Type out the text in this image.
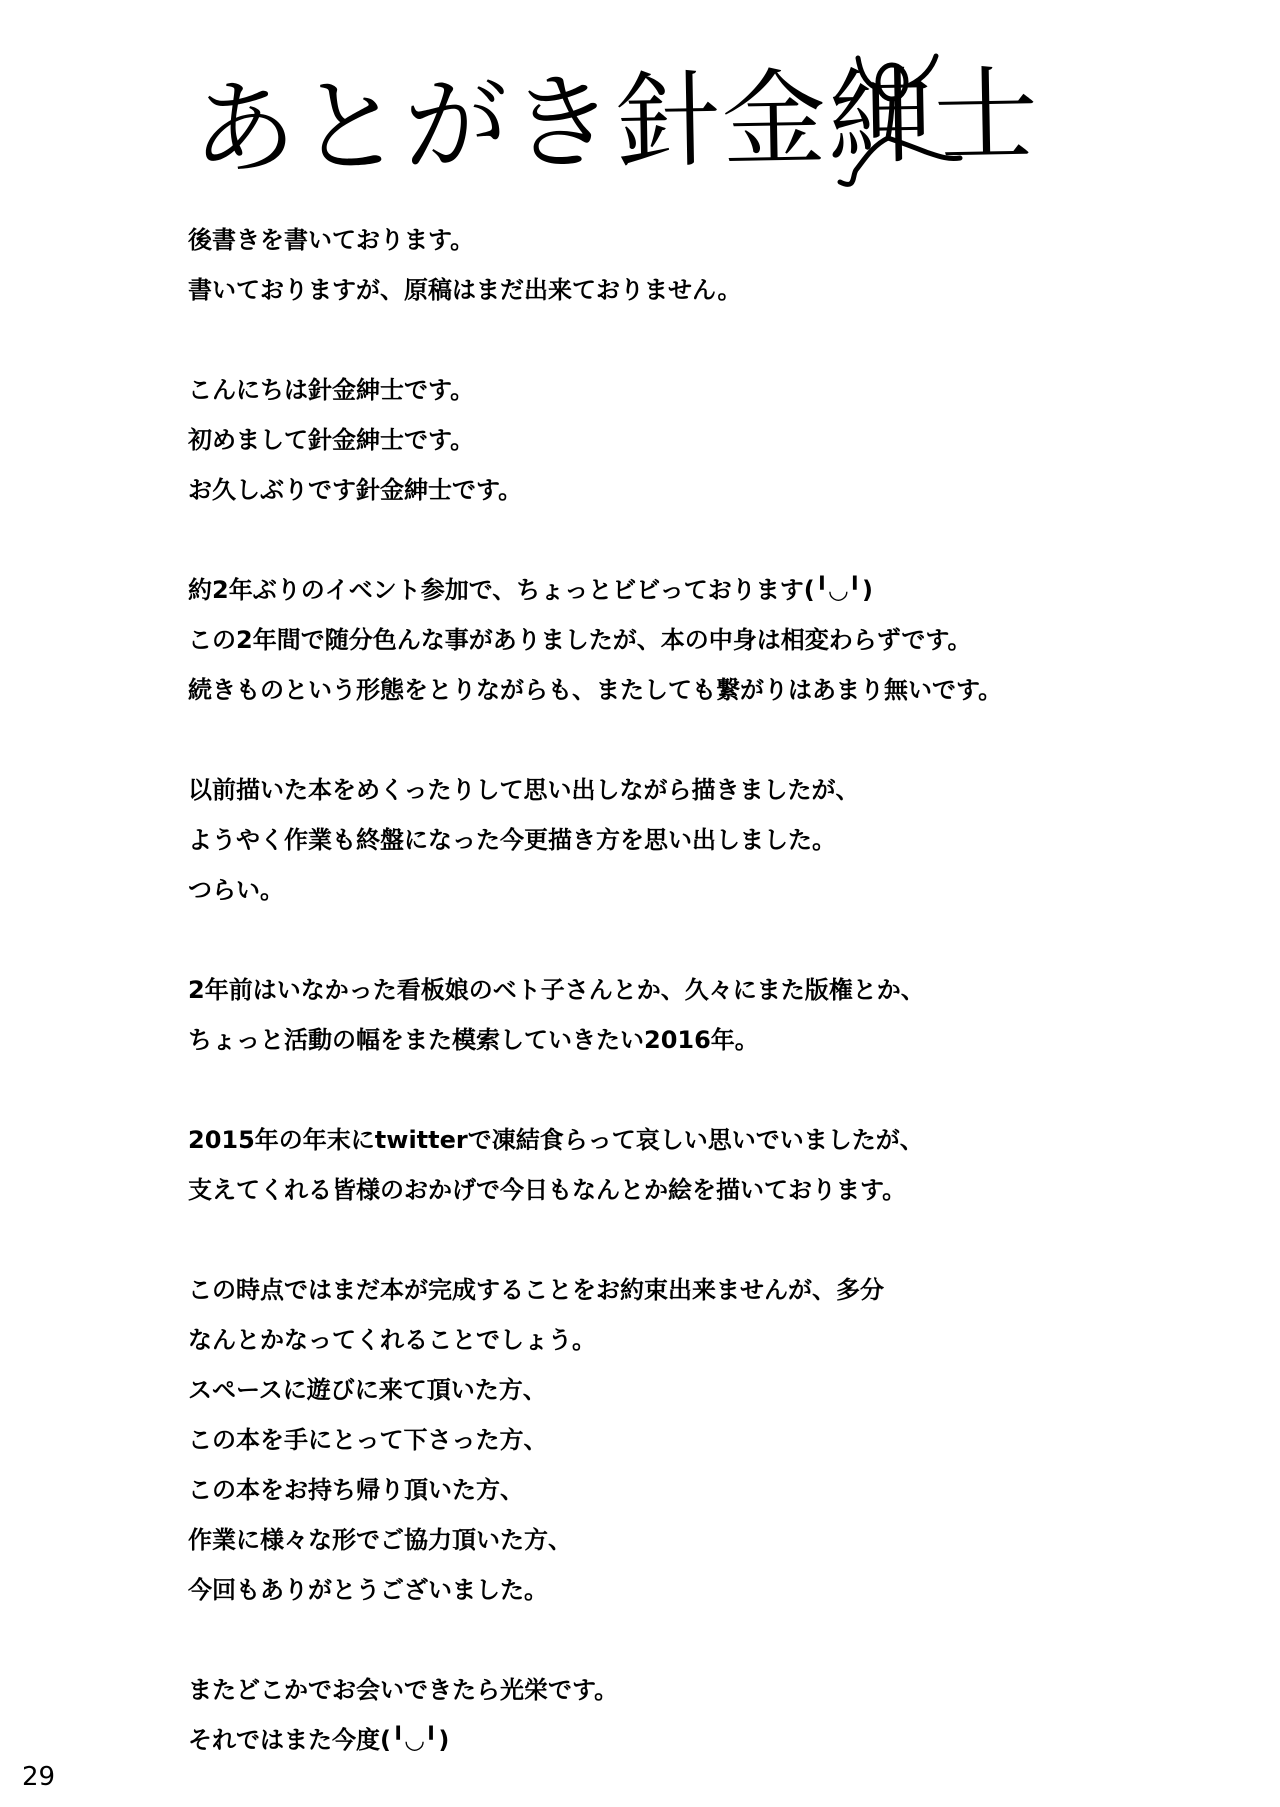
あとがき針金紳士
後書きを書いております。
書いておりますが、原稿はまだ出来ておりません。
こんにちは針金紳士です。
初めまして針金紳士です。
お久しぶりです針金紳士です。
約2年ぶりのイベント参加で、ちょっとビビっております(╹◡╹)
この2年間で随分色んな事がありましたが、本の中身は相変わらずです。
続きものという形態をとりながらも、またしても繋がりはあまり無いです。
以前描いた本をめくったりして思い出しながら描きましたが、
ようやく作業も終盤になった今更描き方を思い出しました。
つらい。
2年前はいなかった看板娘のベト子さんとか、久々にまた版権とか、
ちょっと活動の幅をまた模索していきたい2016年。
2015年の年末にtwitterで凍結食らって哀しい思いでいましたが、
支えてくれる皆様のおかげで今日もなんとか絵を描いております。
この時点ではまだ本が完成することをお約束出来ませんが、多分
なんとかなってくれることでしょう。
スペースに遊びに来て頂いた方、
この本を手にとって下さった方、
この本をお持ち帰り頂いた方、
作業に様々な形でご協力頂いた方、
今回もありがとうございました。
またどこかでお会いできたら光栄です。
それではまた今度(╹◡╹)
29
